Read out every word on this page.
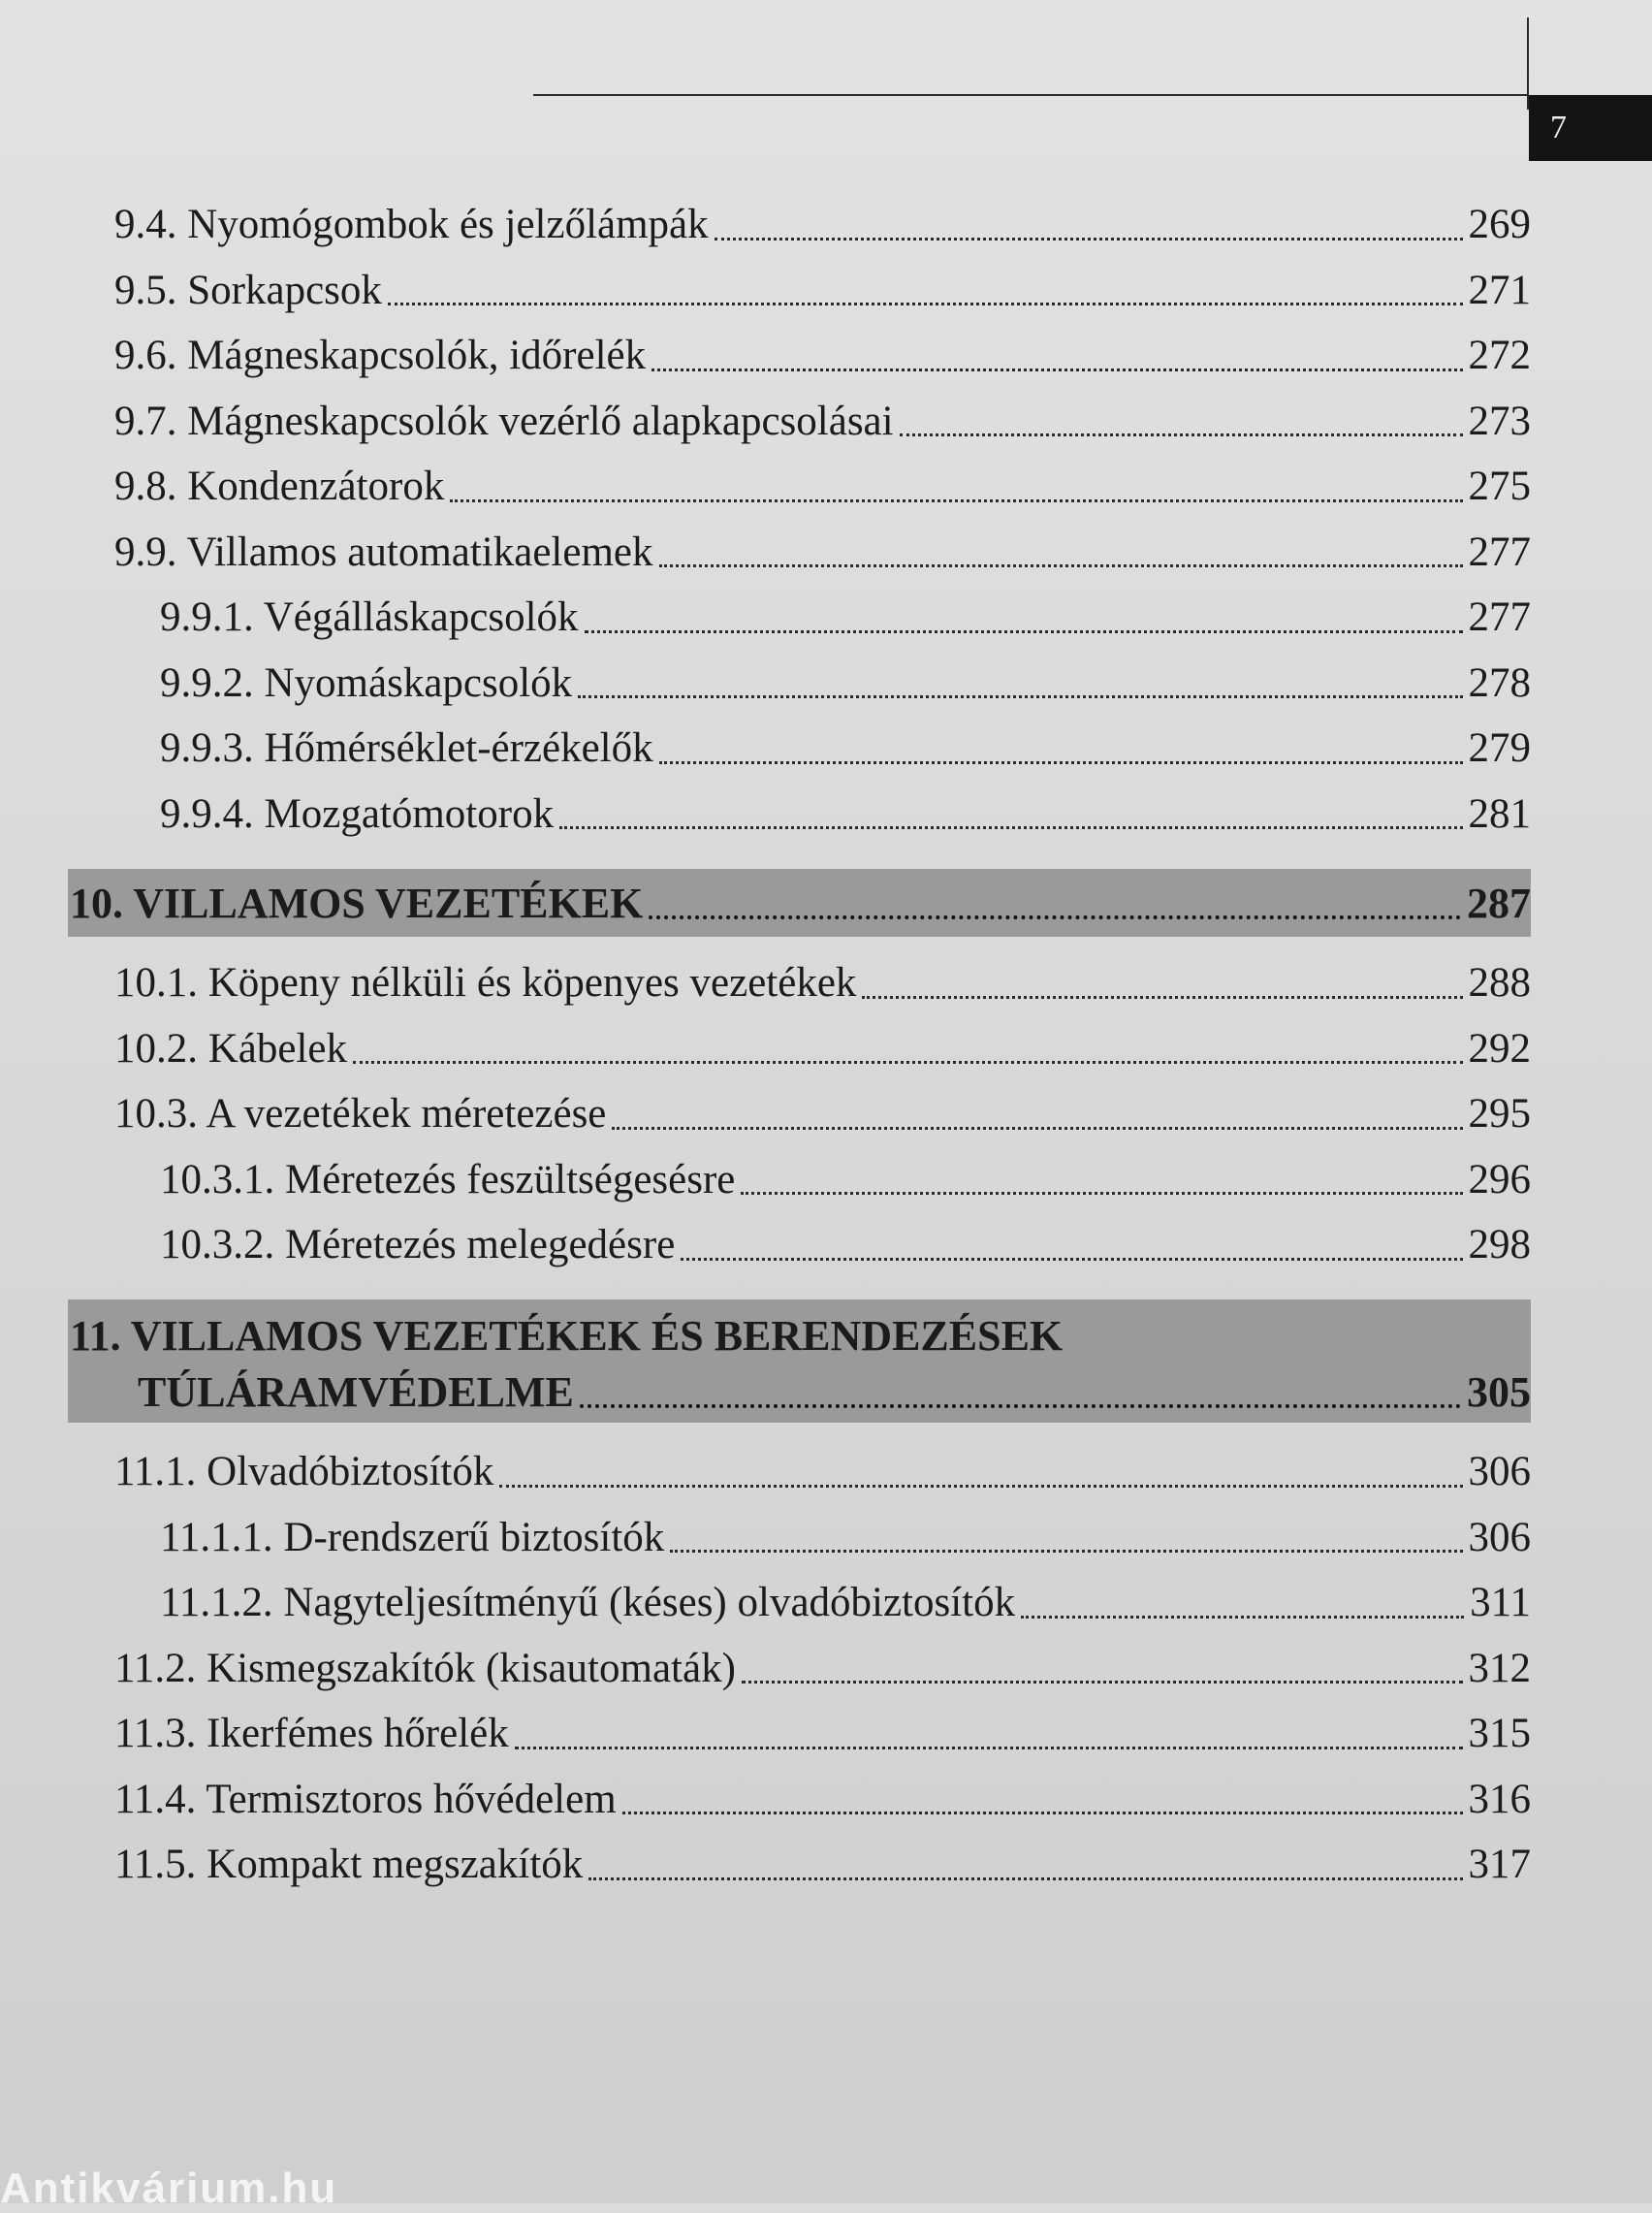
7
9.4. Nyomógombok és jelzőlámpák	269
9.5. Sorkapcsok	271
9.6. Mágneskapcsolók, időrelék	272
9.7. Mágneskapcsolók vezérlő alapkapcsolásai	273
9.8. Kondenzátorok	275
9.9. Villamos automatikaelemek	277
9.9.1. Végálláskapcsolók	277
9.9.2. Nyomáskapcsolók	278
9.9.3. Hőmérséklet-érzékelők	279
9.9.4. Mozgatómotorok	281
10. VILLAMOS VEZETÉKEK	287
10.1. Köpeny nélküli és köpenyes vezetékek	288
10.2. Kábelek	292
10.3. A vezetékek méretezése	295
10.3.1. Méretezés feszültségesésre	296
10.3.2. Méretezés melegedésre	298
11. VILLAMOS VEZETÉKEK ÉS BERENDEZÉSEK
TÚLÁRAMVÉDELME	305
11.1. Olvadóbiztosítók	306
11.1.1. D-rendszerű biztosítók	306
11.1.2. Nagyteljesítményű (késes) olvadóbiztosítók	311
11.2. Kismegszakítók (kisautomaták)	312
11.3. Ikerfémes hőrelék	315
11.4. Termisztoros hővédelem	316
11.5. Kompakt megszakítók	317
Antikvárium.hu
